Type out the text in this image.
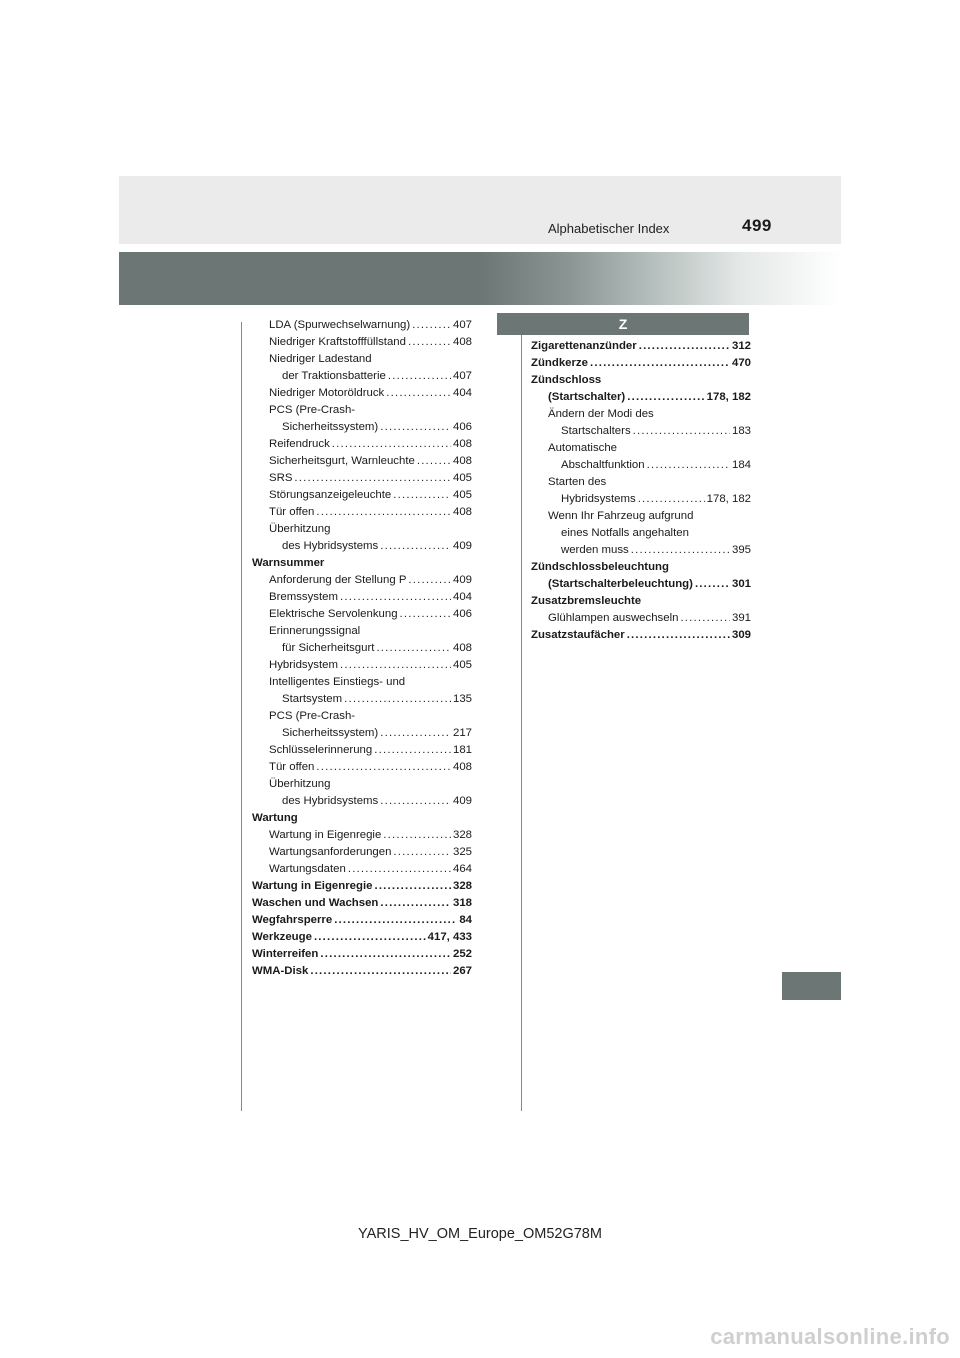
499
Alphabetischer Index
LDA (Spurwechselwarnung) .....	407
Niedriger Kraftstofffüllstand .....	408
Niedriger Ladestand
der Traktionsbatterie .....	407
Niedriger Motoröldruck .....	404
PCS (Pre-Crash-
Sicherheitssystem) .....	406
Reifendruck .....	408
Sicherheitsgurt, Warnleuchte .....	408
SRS .....	405
Störungsanzeigeleuchte .....	405
Tür offen .....	408
Überhitzung
des Hybridsystems .....	409
Warnsummer
Anforderung der Stellung P .....	409
Bremssystem .....	404
Elektrische Servolenkung .....	406
Erinnerungssignal
für Sicherheitsgurt .....	408
Hybridsystem .....	405
Intelligentes Einstiegs- und
Startsystem .....	135
PCS (Pre-Crash-
Sicherheitssystem) .....	217
Schlüsselerinnerung .....	181
Tür offen .....	408
Überhitzung
des Hybridsystems .....	409
Wartung
Wartung in Eigenregie .....	328
Wartungsanforderungen .....	325
Wartungsdaten .....	464
Wartung in Eigenregie .....	328
Waschen und Wachsen .....	318
Wegfahrsperre .....	84
Werkzeuge .....	417, 433
Winterreifen .....	252
WMA-Disk .....	267
Z
Zigarettenanzünder .....	312
Zündkerze .....	470
Zündschloss
(Startschalter) .....	178, 182
Ändern der Modi des
Startschalters .....	183
Automatische
Abschaltfunktion .....	184
Starten des
Hybridsystems .....	178, 182
Wenn Ihr Fahrzeug aufgrund
eines Notfalls angehalten
werden muss .....	395
Zündschlossbeleuchtung
(Startschalterbeleuchtung) .....	301
Zusatzbremsleuchte
Glühlampen auswechseln .....	391
Zusatzstaufächer .....	309
YARIS_HV_OM_Europe_OM52G78M
carmanualsonline.info
